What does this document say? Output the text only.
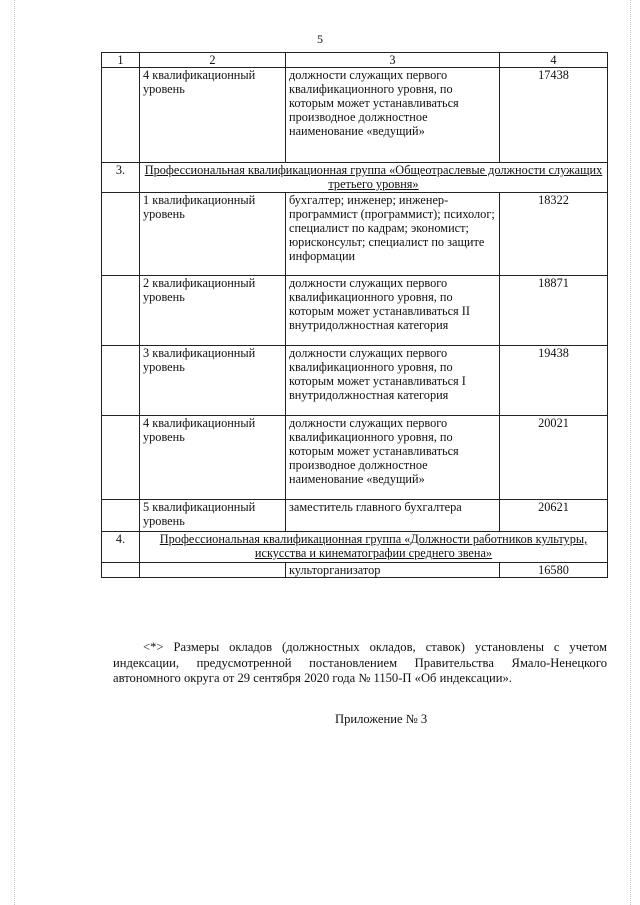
5
1	2	3	4
	4 квалификационный уровень	должности служащих первого квалификационного уровня, по которым может устанавливаться производное должностное наименование «ведущий»	17438
3.	Профессиональная квалификационная группа «Общеотраслевые должности служащих третьего уровня»		
	1 квалификационный уровень	бухгалтер; инженер; инженер-программист (программист); психолог; специалист по кадрам; экономист; юрисконсульт; специалист по защите информации	18322
	2 квалификационный уровень	должности служащих первого квалификационного уровня, по которым может устанавливаться II внутридолжностная категория	18871
	3 квалификационный уровень	должности служащих первого квалификационного уровня, по которым может устанавливаться I внутридолжностная категория	19438
	4 квалификационный уровень	должности служащих первого квалификационного уровня, по которым может устанавливаться производное должностное наименование «ведущий»	20021
	5 квалификационный уровень	заместитель главного бухгалтера	20621
4.	Профессиональная квалификационная группа «Должности работников культуры, искусства и кинематографии среднего звена»		
		культорганизатор	16580
<*> Размеры окладов (должностных окладов, ставок) установлены с учетом индексации, предусмотренной постановлением Правительства Ямало-Ненецкого автономного округа от 29 сентября 2020 года № 1150-П «Об индексации».
Приложение № 3
